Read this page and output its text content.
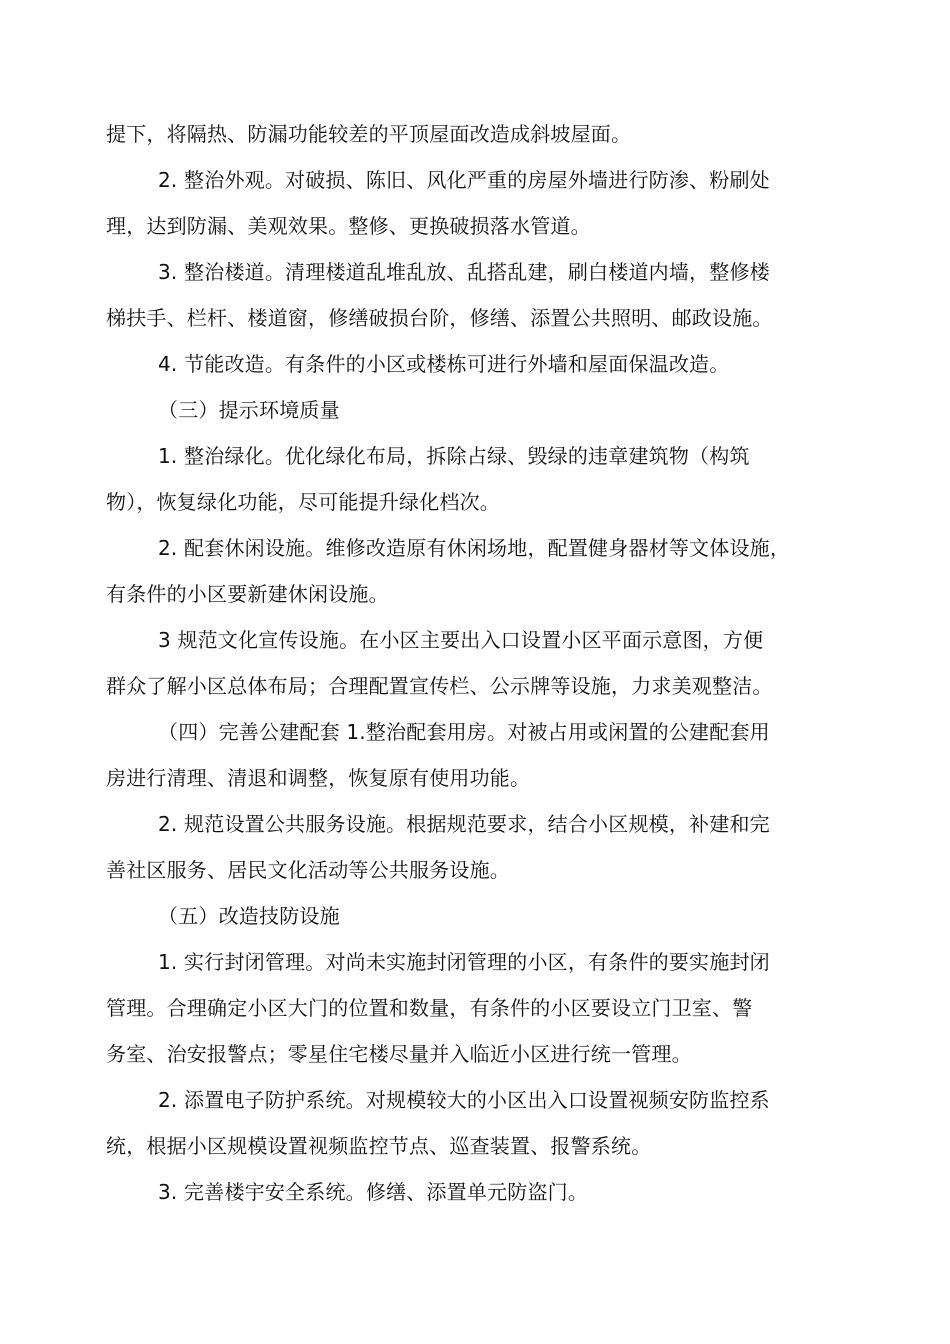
提下，将隔热、防漏功能较差的平顶屋面改造成斜坡屋面。
2. 整治外观。对破损、陈旧、风化严重的房屋外墙进行防渗、粉刷处
理，达到防漏、美观效果。整修、更换破损落水管道。
3. 整治楼道。清理楼道乱堆乱放、乱搭乱建，刷白楼道内墙，整修楼
梯扶手、栏杆、楼道窗，修缮破损台阶，修缮、添置公共照明、邮政设施。
4. 节能改造。有条件的小区或楼栋可进行外墙和屋面保温改造。
（三）提示环境质量
1. 整治绿化。优化绿化布局，拆除占绿、毁绿的违章建筑物（构筑
物），恢复绿化功能，尽可能提升绿化档次。
2. 配套休闲设施。维修改造原有休闲场地，配置健身器材等文体设施，
有条件的小区要新建休闲设施。
3 规范文化宣传设施。在小区主要出入口设置小区平面示意图，方便
群众了解小区总体布局；合理配置宣传栏、公示牌等设施，力求美观整洁。
（四）完善公建配套 1.整治配套用房。对被占用或闲置的公建配套用
房进行清理、清退和调整，恢复原有使用功能。
2. 规范设置公共服务设施。根据规范要求，结合小区规模，补建和完
善社区服务、居民文化活动等公共服务设施。
（五）改造技防设施
1. 实行封闭管理。对尚未实施封闭管理的小区，有条件的要实施封闭
管理。合理确定小区大门的位置和数量，有条件的小区要设立门卫室、警
务室、治安报警点；零星住宅楼尽量并入临近小区进行统一管理。
2. 添置电子防护系统。对规模较大的小区出入口设置视频安防监控系
统，根据小区规模设置视频监控节点、巡查装置、报警系统。
3. 完善楼宇安全系统。修缮、添置单元防盗门。
